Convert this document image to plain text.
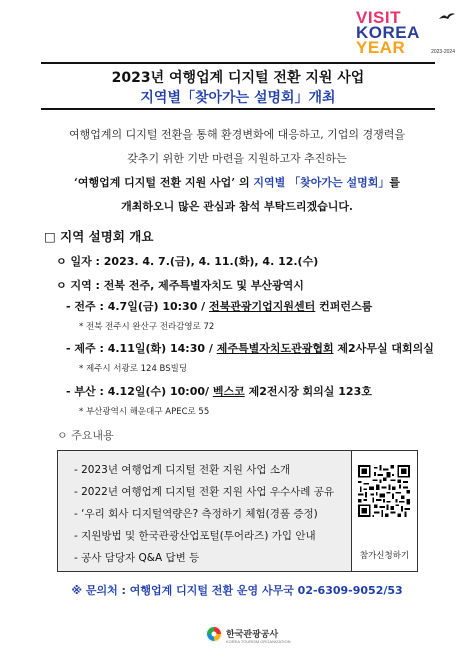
VISIT
KOREA
YEAR	2023-2024
2023년 여행업계 디지털 전환 지원 사업
지역별「찾아가는 설명회」개최
여행업계의 디지털 전환을 통해 환경변화에 대응하고, 기업의 경쟁력을
갖추기 위한 기반 마련을 지원하고자 추진하는
‘여행업계 디지털 전환 지원 사업’ 의 지역별 「찾아가는 설명회」를
개최하오니 많은 관심과 참석 부탁드리겠습니다.
□ 지역 설명회 개요
ㅇ 일자 : 2023. 4. 7.(금), 4. 11.(화), 4. 12.(수)
ㅇ 지역 : 전북 전주, 제주특별자치도 및 부산광역시
- 전주 : 4.7일(금) 10:30 / 전북관광기업지원센터 컨퍼런스룸
* 전북 전주시 완산구 전라감영로 72
- 제주 : 4.11일(화) 14:30 / 제주특별자치도관광협회 제2사무실 대회의실
* 제주시 서광로 124 BS빌딩
- 부산 : 4.12일(수) 10:00/ 벡스코 제2전시장 회의실 123호
* 부산광역시 해운대구 APEC로 55
ㅇ 주요내용
- 2023년 여행업계 디지털 전환 지원 사업 소개
- 2022년 여행업계 디지털 전환 지원 사업 우수사례 공유
- ‘우리 회사 디지털역량은? 측정하기 체험(경품 증정)
- 지원방법 및 한국관광산업포털(투어라즈) 가입 안내
- 공사 담당자 Q&A 답변 등	참가신청하기
※ 문의처 : 여행업계 디지털 전환 운영 사무국 02-6309-9052/53
한국관광공사
KOREA TOURISM ORGANIZATION
